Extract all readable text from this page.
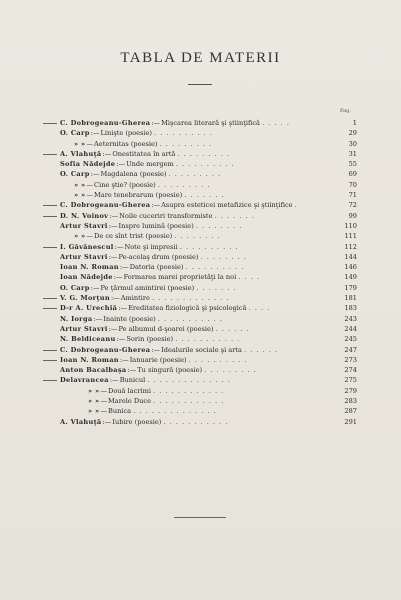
TABLA DE MATERII
Pag.
C. Dobrogeanu-Gherea:—Mişcarea literară şi ştiinţifică . . . . .	1
O. Carp:—Linişte (poesie) . . . . . . . . . .	29
» »—Aeternitas (poesie) . . . . . . . . .	30
A. Vlahuţă:—Onestitatea în artă . . . . . . . . .	31
Sofia Nădejde:—Unde mergem . . . . . . . . . .	55
O. Carp:—Magdalena (poesie) . . . . . . . . .	69
» »—Cine ştie? (poesie) . . . . . . . . .	70
» »—Mare tenebrarum (poesie) . . . . . . .	71
C. Dobrogeanu-Gherea:—Asupra esteticei metafizice şi ştiinţifice .	72
D. N. Voinov:—Noile cuceriri transformiste . . . . . . .	99
Artur Stavri:—Inspre lumină (poesie) . . . . . . . .	110
» »—De ce sînt trist (poesie) . . . . . . . .	111
I. Găvănescul:—Note şi impresii . . . . . . . . . .	112
Artur Stavri:—Pe-acelaş drum (poesie) . . . . . . . .	144
Ioan N. Roman:—Datoria (poesie) . . . . . . . . . .	146
Ioan Nădejde:—Formarea marei proprietăţi la noi . . . .	149
O. Carp:—Pe ţărmul amintirei (poesie) . . . . . . .	179
V. G. Morţun:—Amintire . . . . . . . . . . . . .	181
D-r A. Urechiă:—Ereditatea fiziologică şi psicologică . . . .	183
N. Iorga:—Inainte (poesie) . . . . . . . . . . .	243
Artur Stavri:—Pe albumul d-şoarei (poesie) . . . . . .	244
N. Beldiceanu:—Sorin (poesie) . . . . . . . . . . .	245
C. Dobrogeanu-Gherea:—Idealurile sociale şi arta . . . . . .	247
Ioan N. Roman:—Ianuarie (poesie) . . . . . . . . . .	273
Anton Bacalbaşa:—Tu singură (poesie) . . . . . . . . .	274
Delavrancea:—Bunicul . . . . . . . . . . . . . .	275
» »—Două lacrimi . . . . . . . . . . . .	279
» »—Marele Duce . . . . . . . . . . . .	283
» »—Bunica . . . . . . . . . . . . . .	287
A. Vlahuţă:—Iubire (poesie) . . . . . . . . . . .	291
